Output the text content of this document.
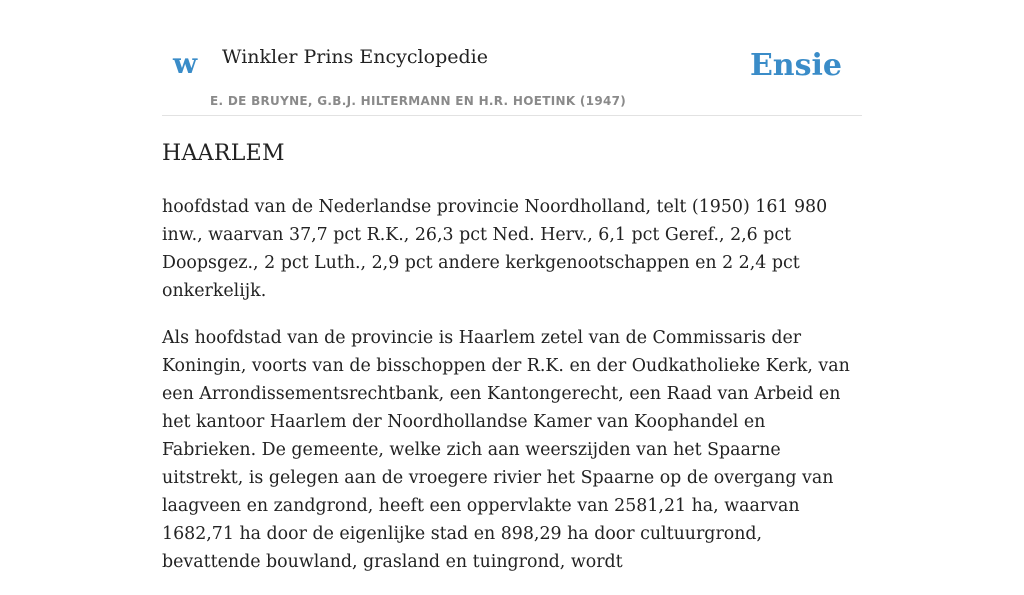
w Winkler Prins Encyclopedie
E. DE BRUYNE, G.B.J. HILTERMANN EN H.R. HOETINK (1947)
Ensie
HAARLEM

hoofdstad van de Nederlandse provincie Noordholland, telt (1950) 161 980 inw., waarvan 37,7 pct R.K., 26,3 pct Ned. Herv., 6,1 pct Geref., 2,6 pct Doopsgez., 2 pct Luth., 2,9 pct andere kerkgenootschappen en 2 2,4 pct onkerkelijk.

Als hoofdstad van de provincie is Haarlem zetel van de Commissaris der Koningin, voorts van de bisschoppen der R.K. en der Oudkatholieke Kerk, van een Arrondissementsrechtbank, een Kantongerecht, een Raad van Arbeid en het kantoor Haarlem der Noordhollandse Kamer van Koophandel en Fabrieken. De gemeente, welke zich aan weerszijden van het Spaarne uitstrekt, is gelegen aan de vroegere rivier het Spaarne op de overgang van laagveen en zandgrond, heeft een oppervlakte van 2581,21 ha, waarvan 1682,71 ha door de eigenlijke stad en 898,29 ha door cultuurgrond, bevattende bouwland, grasland en tuingrond, wordt
